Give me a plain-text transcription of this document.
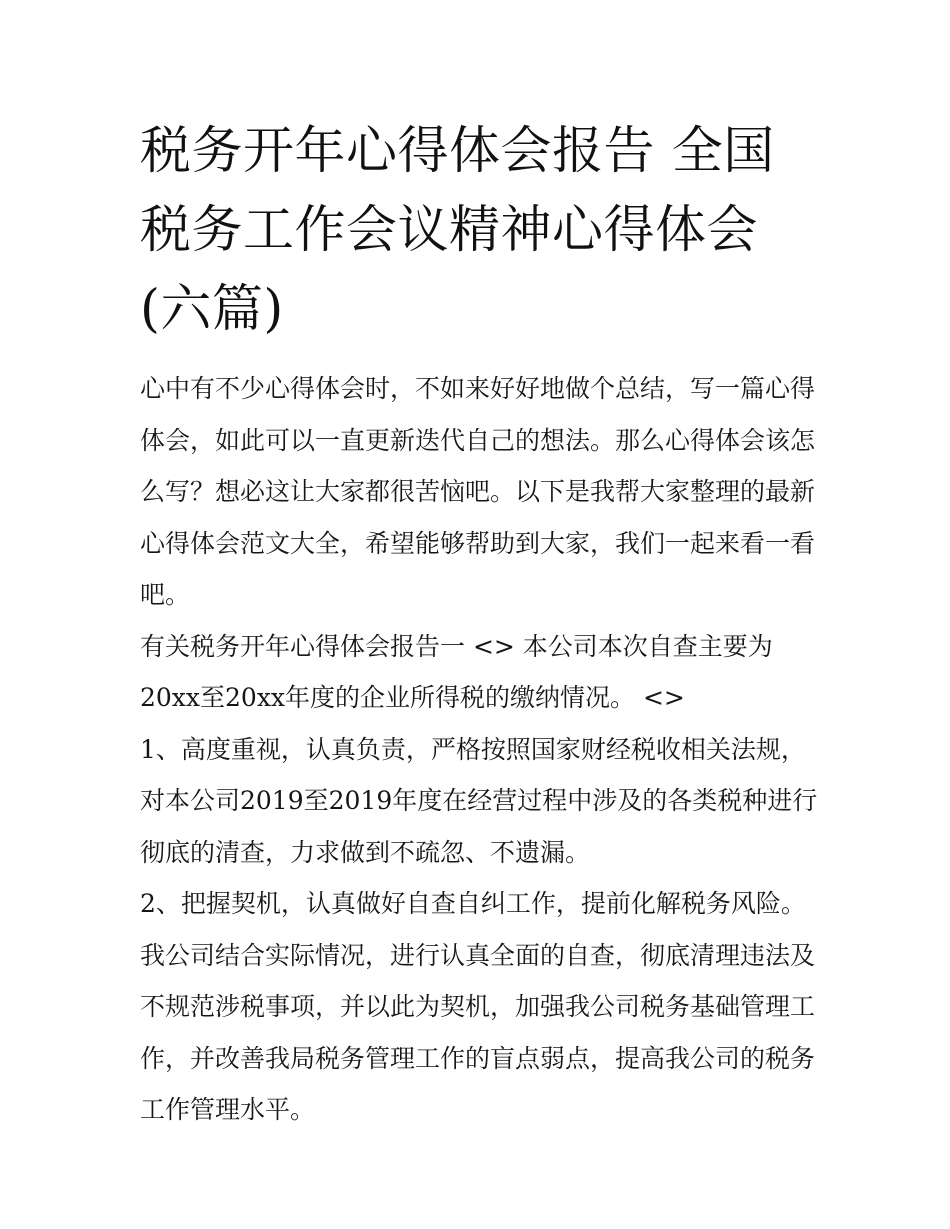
税务开年心得体会报告 全国税务工作会议精神心得体会(六篇)

心中有不少心得体会时，不如来好好地做个总结，写一篇心得体会，如此可以一直更新迭代自己的想法。那么心得体会该怎么写？想必这让大家都很苦恼吧。以下是我帮大家整理的最新心得体会范文大全，希望能够帮助到大家，我们一起来看一看吧。

有关税务开年心得体会报告一 <> 本公司本次自查主要为20xx至20xx年度的企业所得税的缴纳情况。 <>

1、高度重视，认真负责，严格按照国家财经税收相关法规，对本公司2019至2019年度在经营过程中涉及的各类税种进行彻底的清查，力求做到不疏忽、不遗漏。

2、把握契机，认真做好自查自纠工作，提前化解税务风险。我公司结合实际情况，进行认真全面的自查，彻底清理违法及不规范涉税事项，并以此为契机，加强我公司税务基础管理工作，并改善我局税务管理工作的盲点弱点，提高我公司的税务工作管理水平。
